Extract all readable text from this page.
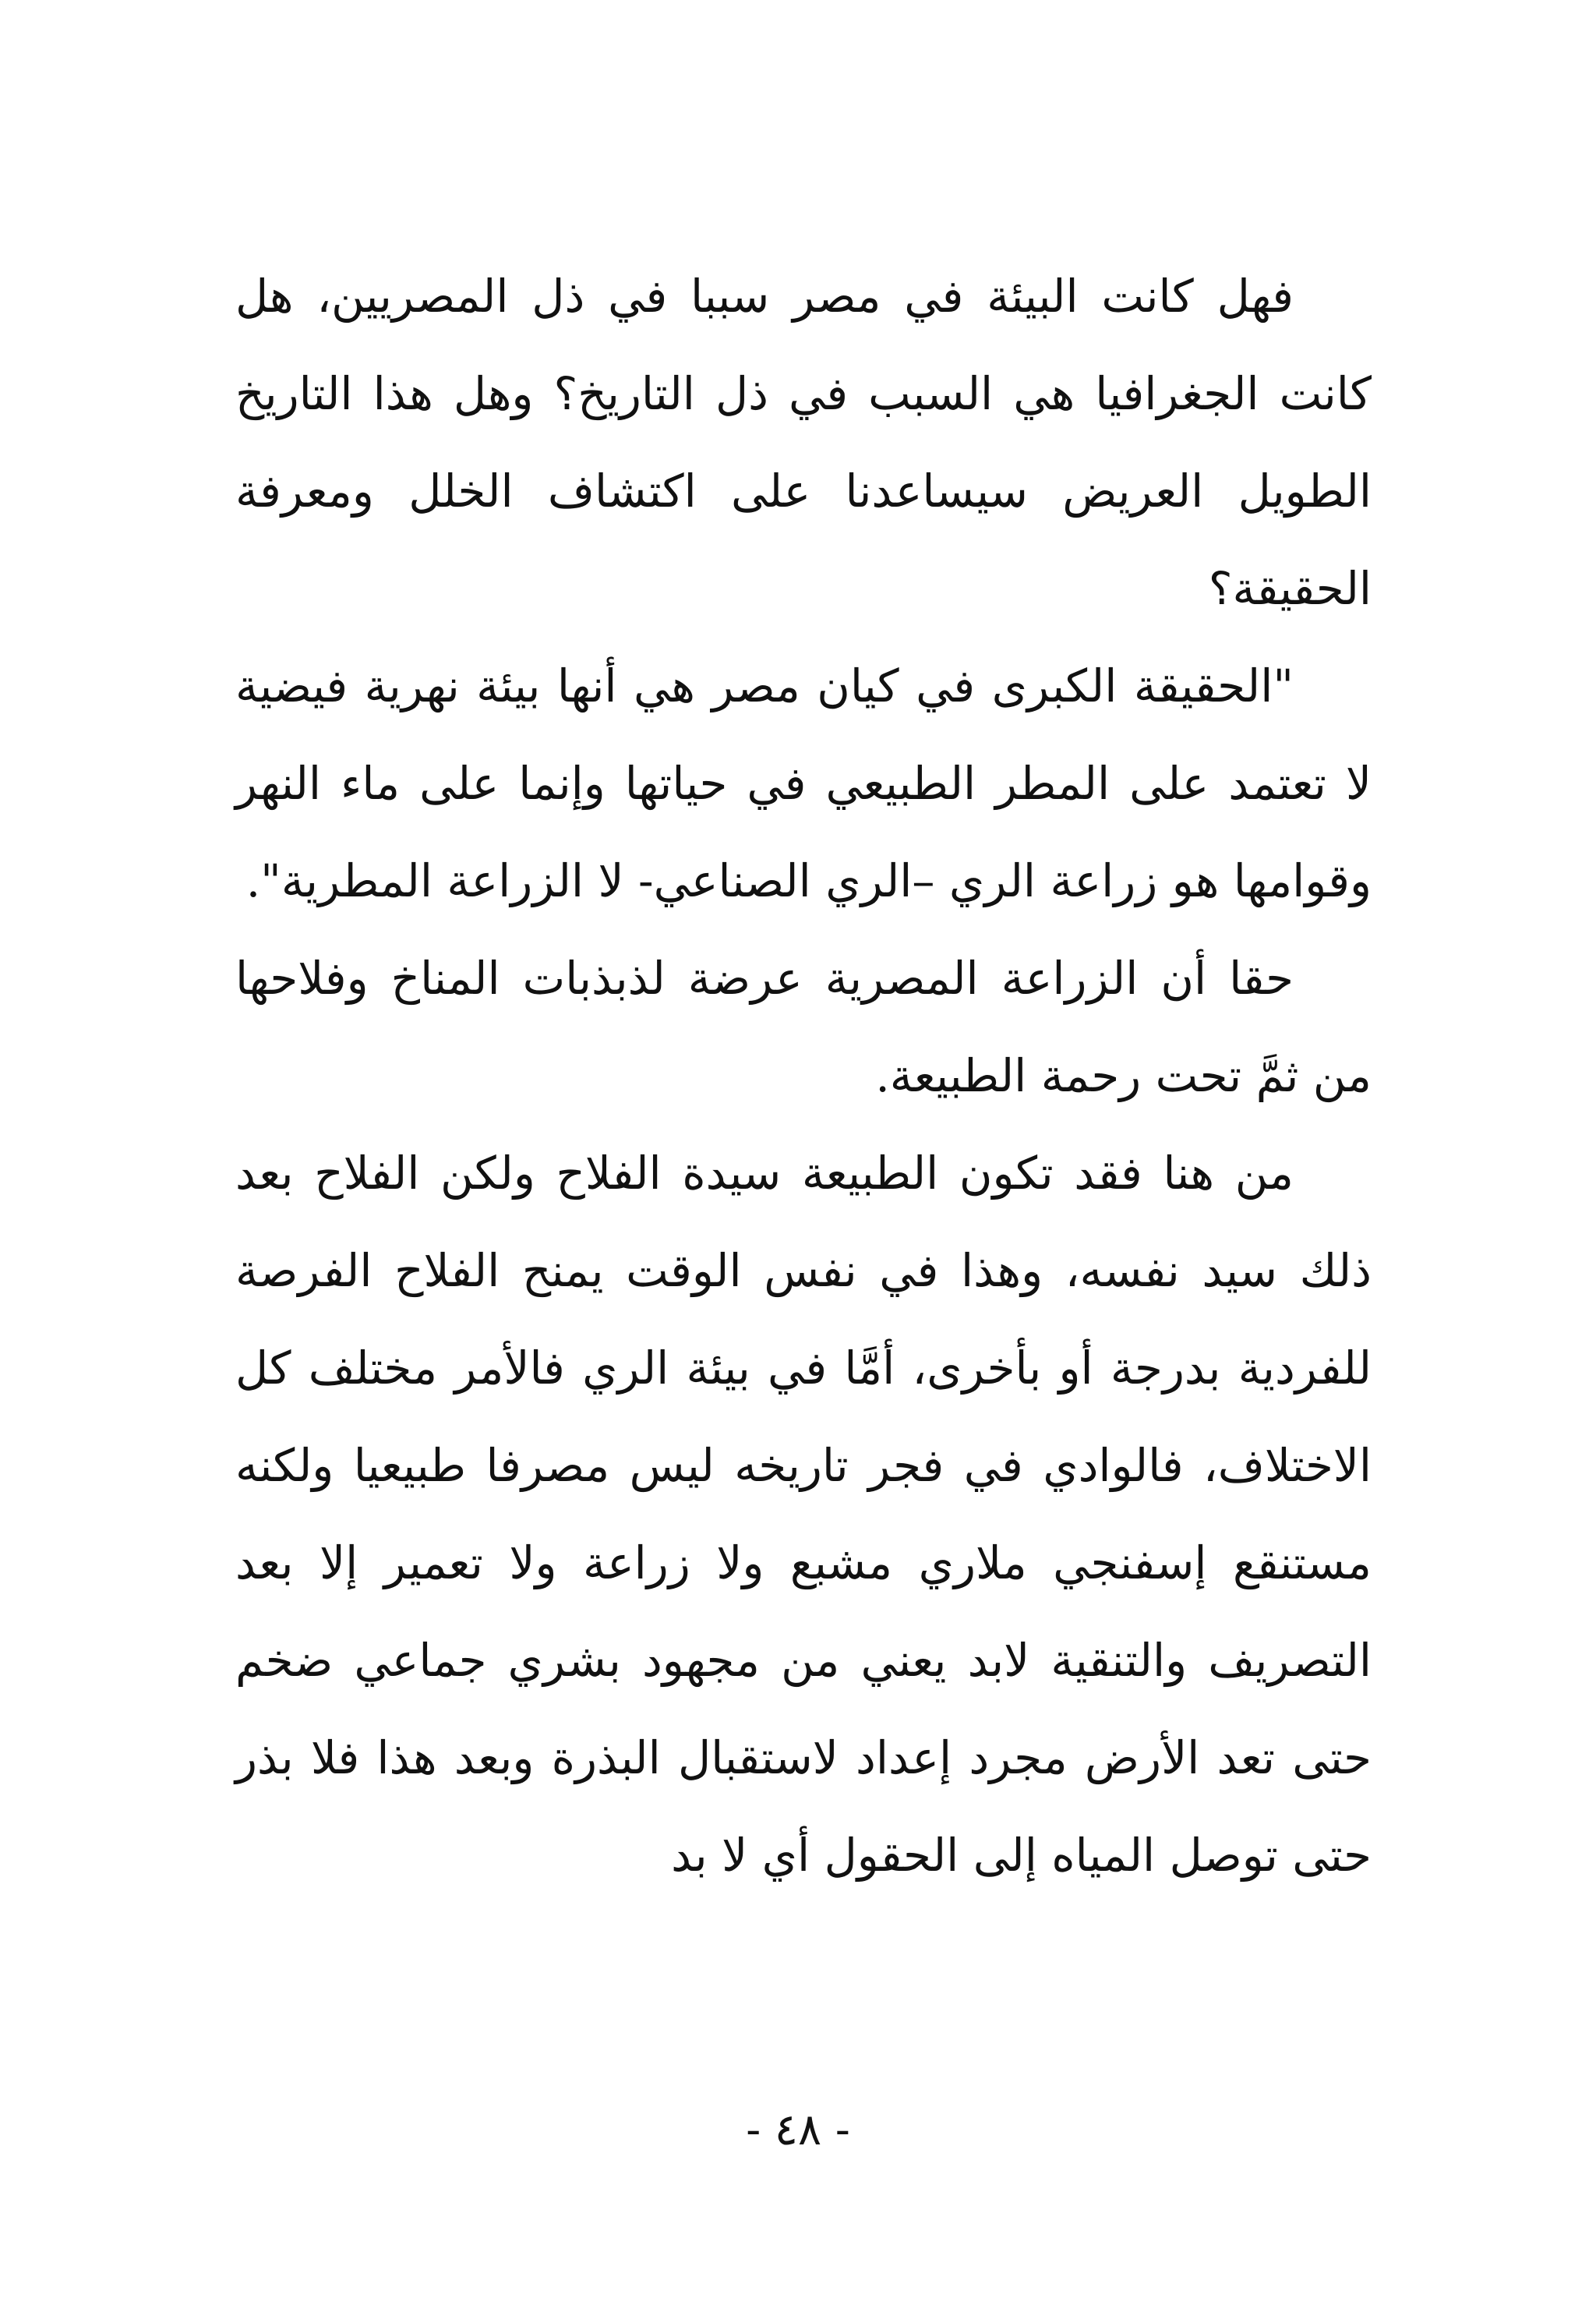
فهل كانت البيئة في مصر سببا في ذل المصريين، هل كانت الجغرافيا هي السبب في ذل التاريخ؟ وهل هذا التاريخ الطويل العريض سيساعدنا على اكتشاف الخلل ومعرفة الحقيقة؟

"الحقيقة الكبرى في كيان مصر هي أنها بيئة نهرية فيضية لا تعتمد على المطر الطبيعي في حياتها وإنما على ماء النهر وقوامها هو زراعة الري –الري الصناعي- لا الزراعة المطرية".

حقا أن الزراعة المصرية عرضة لذبذبات المناخ وفلاحها من ثمَّ تحت رحمة الطبيعة.

من هنا فقد تكون الطبيعة سيدة الفلاح ولكن الفلاح بعد ذلك سيد نفسه، وهذا في نفس الوقت يمنح الفلاح الفرصة للفردية بدرجة أو بأخرى، أمَّا في بيئة الري فالأمر مختلف كل الاختلاف، فالوادي في فجر تاريخه ليس مصرفا طبيعيا ولكنه مستنقع إسفنجي ملاري مشبع ولا زراعة ولا تعمير إلا بعد التصريف والتنقية لابد يعني من مجهود بشري جماعي ضخم حتى تعد الأرض مجرد إعداد لاستقبال البذرة وبعد هذا فلا بذر حتى توصل المياه إلى الحقول أي لا بد

- ٤٨ -
